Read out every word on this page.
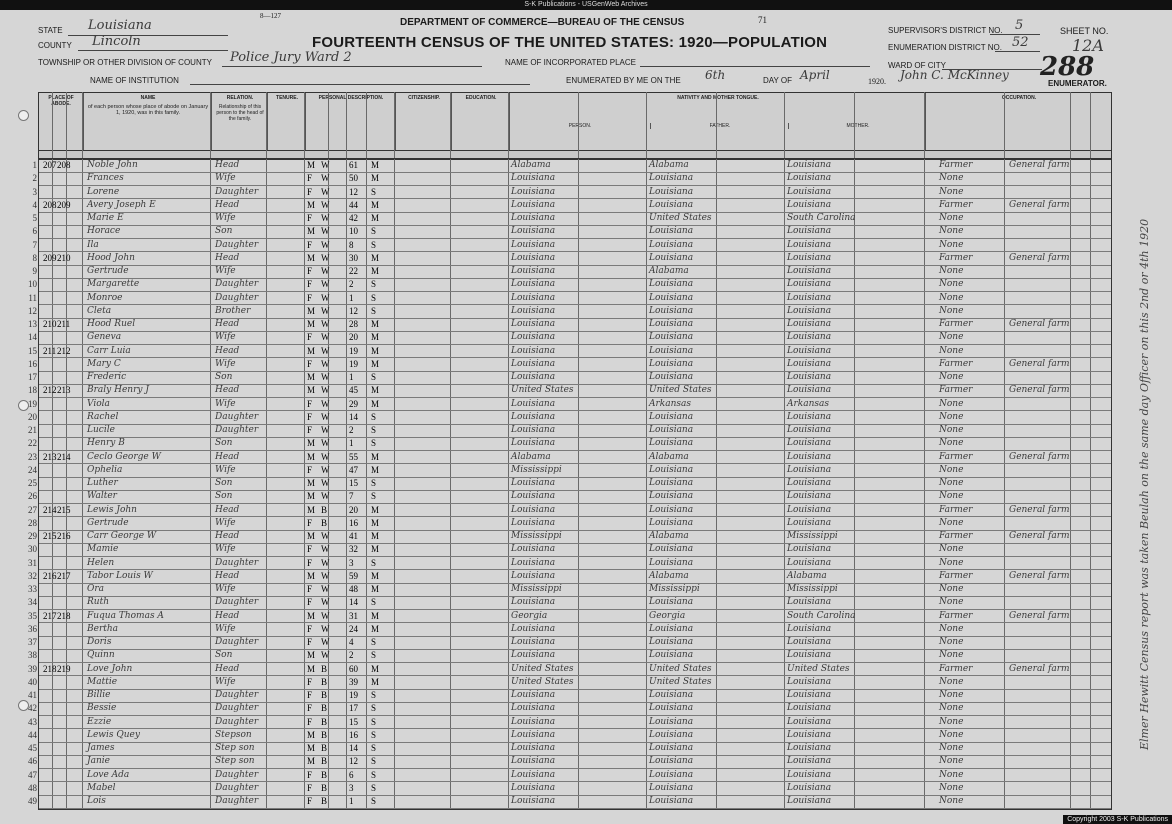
S-K Publications - USGenWeb Archives
8—127
DEPARTMENT OF COMMERCE—BUREAU OF THE CENSUS	71
FOURTEENTH CENSUS OF THE UNITED STATES: 1920—POPULATION
STATE Louisiana
COUNTY Lincoln
TOWNSHIP OR OTHER DIVISION OF COUNTY Police Jury Ward 2	NAME OF INCORPORATED PLACE	WARD OF CITY
NAME OF INSTITUTION	ENUMERATED BY ME ON THE 6th	DAY OF April	1920. John C. McKinney
ENUMERATOR.
SUPERVISOR'S DISTRICT NO. 5
ENUMERATION DISTRICT NO. 52
SHEET NO.
12A
288
PLACE OF ABODE.
NAME
of each person whose place of abode on January 1, 1920, was in this family.
RELATION.
Relationship of this person to the head of the family.
TENURE.	PERSONAL DESCRIPTION.	CITIZENSHIP.	EDUCATION.	NATIVITY AND MOTHER TONGUE.
PERSON.	FATHER.	MOTHER.
OCCUPATION.
1 207 208 Noble John	Head	M W 61 M	Alabama	Alabama	Louisiana	Farmer	General farm
2	Frances	Wife	F W 50 M	Louisiana	Louisiana	Louisiana	None
3	Lorene	Daughter	F W 12 S	Louisiana	Louisiana	Louisiana	None
4 208 209 Avery Joseph E	Head	M W 44 M	Louisiana	Louisiana	Louisiana	Farmer	General farm
5	Marie E	Wife	F W 42 M	Louisiana	United States	South Carolina	None
6	Horace	Son	M W 10 S	Louisiana	Louisiana	Louisiana	None
7	Ila	Daughter	F W 8 S	Louisiana	Louisiana	Louisiana	None
8 209 210 Hood John	Head	M W 30 M	Louisiana	Louisiana	Louisiana	Farmer	General farm
9	Gertrude	Wife	F W 22 M	Louisiana	Alabama	Louisiana	None
10	Margarette	Daughter	F W 2 S	Louisiana	Louisiana	Louisiana	None
11	Monroe	Daughter	F W 1 S	Louisiana	Louisiana	Louisiana	None
12	Cleta	Brother	M W 12 S	Louisiana	Louisiana	Louisiana	None
13 210 211 Hood Ruel	Head	M W 28 M	Louisiana	Louisiana	Louisiana	Farmer	General farm
14	Geneva	Wife	F W 20 M	Louisiana	Louisiana	Louisiana	None
15 211 212 Carr Luia	Head	M W 19 M	Louisiana	Louisiana	Louisiana	None
16	Mary C	Wife	F W 19 M	Louisiana	Louisiana	Louisiana	Farmer	General farm
17	Frederic	Son	M W 1 S	Louisiana	Louisiana	Louisiana	None
18 212 213 Braly Henry J	Head	M W 45 M	United States	United States	Louisiana	Farmer	General farm
19	Viola	Wife	F W 29 M	Louisiana	Arkansas	Arkansas	None
20	Rachel	Daughter	F W 14 S	Louisiana	Louisiana	Louisiana	None
21	Lucile	Daughter	F W 2 S	Louisiana	Louisiana	Louisiana	None
22	Henry B	Son	M W 1 S	Louisiana	Louisiana	Louisiana	None
23 213 214 Ceclo George W	Head	M W 55 M	Alabama	Alabama	Louisiana	Farmer	General farm
24	Ophelia	Wife	F W 47 M	Mississippi	Louisiana	Louisiana	None
25	Luther	Son	M W 15 S	Louisiana	Louisiana	Louisiana	None
26	Walter	Son	M W 7 S	Louisiana	Louisiana	Louisiana	None
27 214 215 Lewis John	Head	M B 20 M	Louisiana	Louisiana	Louisiana	Farmer	General farm
28	Gertrude	Wife	F B 16 M	Louisiana	Louisiana	Louisiana	None
29 215 216 Carr George W	Head	M W 41 M	Mississippi	Alabama	Mississippi	Farmer	General farm
30	Mamie	Wife	F W 32 M	Louisiana	Louisiana	Louisiana	None
31	Helen	Daughter	F W 3 S	Louisiana	Louisiana	Louisiana	None
32 216 217 Tabor Louis W	Head	M W 59 M	Louisiana	Alabama	Alabama	Farmer	General farm
33	Ora	Wife	F W 48 M	Mississippi	Mississippi	Mississippi	None
34	Ruth	Daughter	F W 14 S	Louisiana	Louisiana	Louisiana	None
35 217 218 Fuqua Thomas A	Head	M W 31 M	Georgia	Georgia	South Carolina	Farmer	General farm
36	Bertha	Wife	F W 24 M	Louisiana	Louisiana	Louisiana	None
37	Doris	Daughter	F W 4 S	Louisiana	Louisiana	Louisiana	None
38	Quinn	Son	M W 2 S	Louisiana	Louisiana	Louisiana	None
39 218 219 Love John	Head	M B 60 M	United States	United States	United States	Farmer	General farm
40	Mattie	Wife	F B 39 M	United States	United States	Louisiana	None
41	Billie	Daughter	F B 19 S	Louisiana	Louisiana	Louisiana	None
42	Bessie	Daughter	F B 17 S	Louisiana	Louisiana	Louisiana	None
43	Ezzie	Daughter	F B 15 S	Louisiana	Louisiana	Louisiana	None
44	Lewis Quey	Stepson	M B 16 S	Louisiana	Louisiana	Louisiana	None
45	James	Step son	M B 14 S	Louisiana	Louisiana	Louisiana	None
46	Janie	Step son	M B 12 S	Louisiana	Louisiana	Louisiana	None
47	Love Ada	Daughter	F B 6 S	Louisiana	Louisiana	Louisiana	None
48	Mabel	Daughter	F B 3 S	Louisiana	Louisiana	Louisiana	None
49	Lois	Daughter	F B 1 S	Louisiana	Louisiana	Louisiana	None
Elmer Hewitt Census report was taken Beulah on the same day Officer on this 2nd or 4th 1920
Copyright 2003 S-K Publications
